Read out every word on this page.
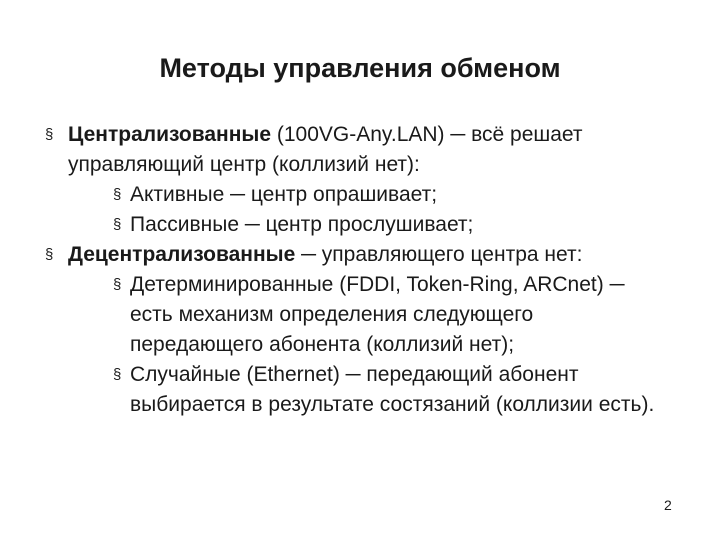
Методы управления обменом
§ Централизованные (100VG-Any.LAN) ─ всё решает управляющий центр (коллизий нет):
§ Активные ─ центр опрашивает;
§ Пассивные ─ центр прослушивает;
§ Децентрализованные ─ управляющего центра нет:
§ Детерминированные (FDDI, Token-Ring, ARCnet) ─ есть механизм определения следующего передающего абонента (коллизий нет);
§ Случайные (Ethernet) ─ передающий абонент выбирается в результате состязаний (коллизии есть).
2
